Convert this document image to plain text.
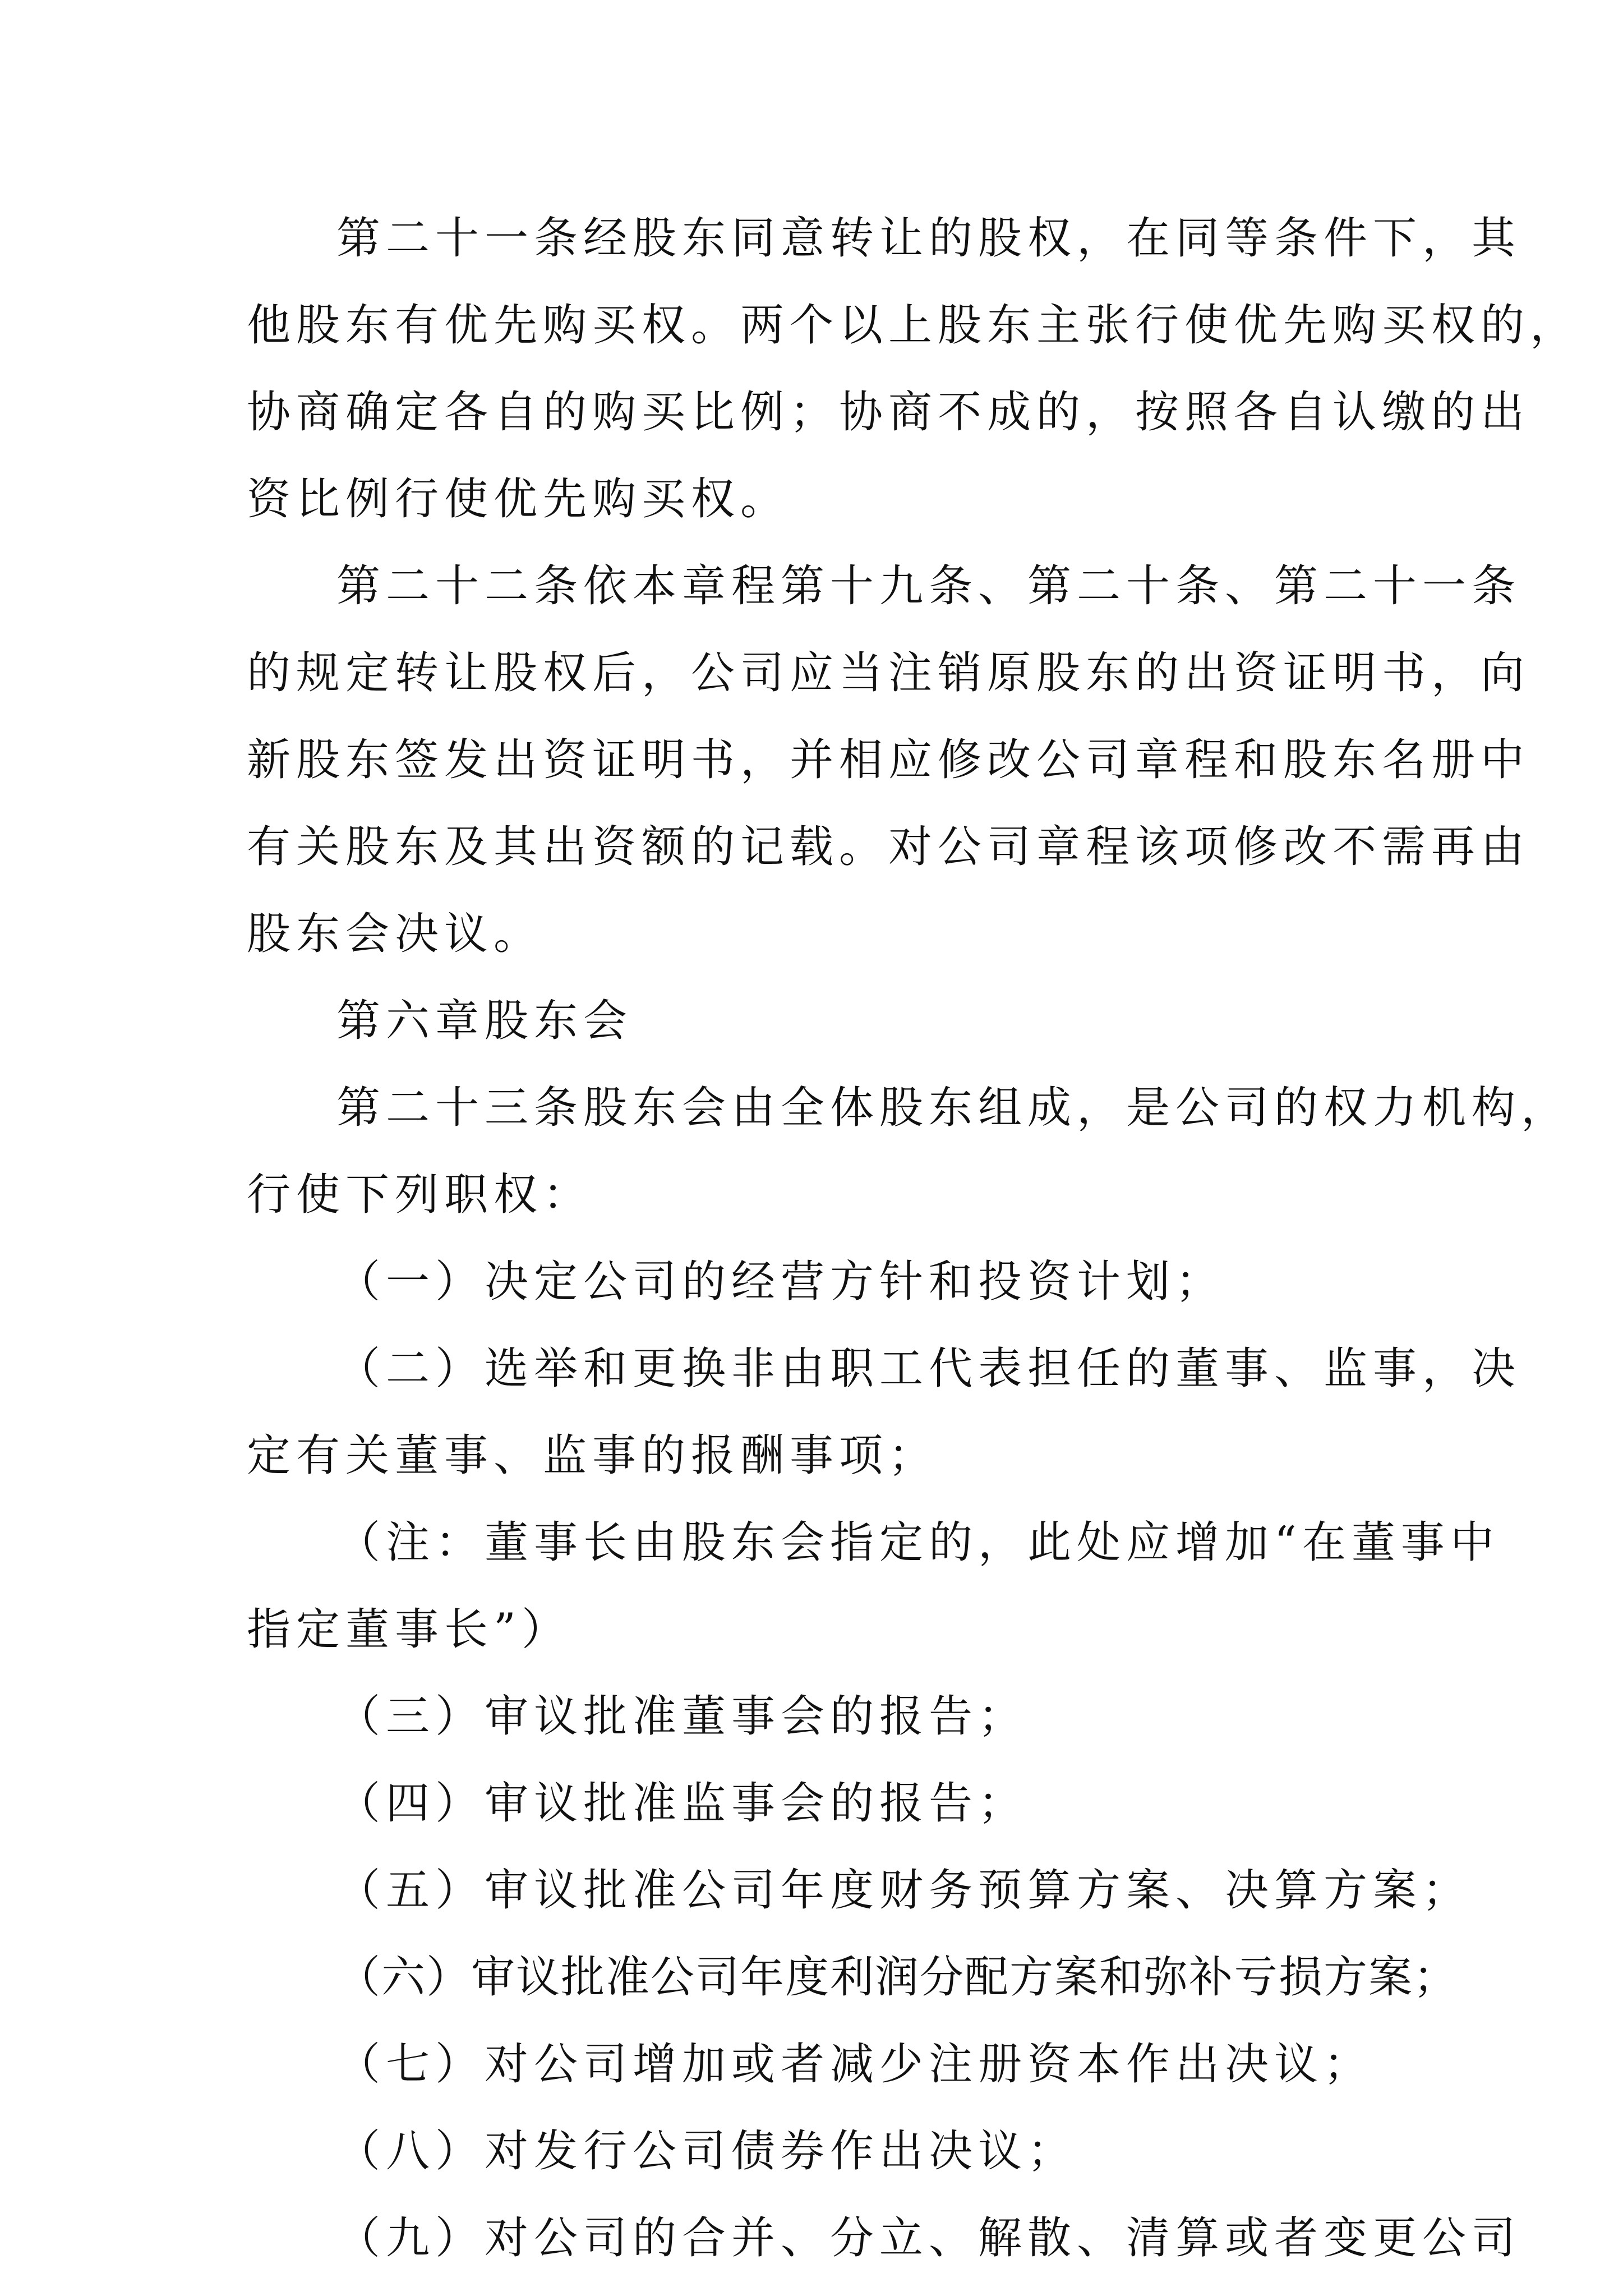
第二十一条经股东同意转让的股权，在同等条件下，其
他股东有优先购买权。两个以上股东主张行使优先购买权的，
协商确定各自的购买比例；协商不成的，按照各自认缴的出
资比例行使优先购买权。
第二十二条依本章程第十九条、第二十条、第二十一条
的规定转让股权后，公司应当注销原股东的出资证明书，向
新股东签发出资证明书，并相应修改公司章程和股东名册中
有关股东及其出资额的记载。对公司章程该项修改不需再由
股东会决议。
第六章股东会
第二十三条股东会由全体股东组成，是公司的权力机构，
行使下列职权：
（一）决定公司的经营方针和投资计划；
（二）选举和更换非由职工代表担任的董事、监事，决
定有关董事、监事的报酬事项；
（注：董事长由股东会指定的，此处应增加“在董事中
指定董事长”）
（三）审议批准董事会的报告；
（四）审议批准监事会的报告；
（五）审议批准公司年度财务预算方案、决算方案；
（六）审议批准公司年度利润分配方案和弥补亏损方案；
（七）对公司增加或者减少注册资本作出决议；
（八）对发行公司债券作出决议；
（九）对公司的合并、分立、解散、清算或者变更公司
